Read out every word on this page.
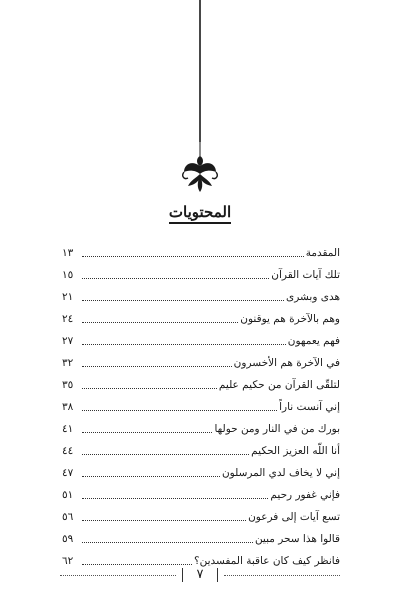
المحتويات
المقدمة
١٣
تلك آيات القرآن
١٥
هدى وبشرى
٢١
وهم بالآخرة هم يوقنون
٢٤
فهم يعمهون
٢٧
في الآخرة هم الأخسرون
٣٢
لتلقّى القرآن من حكيم عليم
٣٥
إني آنست ناراً
٣٨
بورك من في النار ومن حولها
٤١
أنا اللّه العزيز الحكيم
٤٤
إني لا يخاف لدي المرسلون
٤٧
فإني غفور رحيم
٥١
تسع آيات إلى فرعون
٥٦
قالوا هذا سحر مبين
٥٩
فانظر كيف كان عاقبة المفسدين؟
٦٢
٧
